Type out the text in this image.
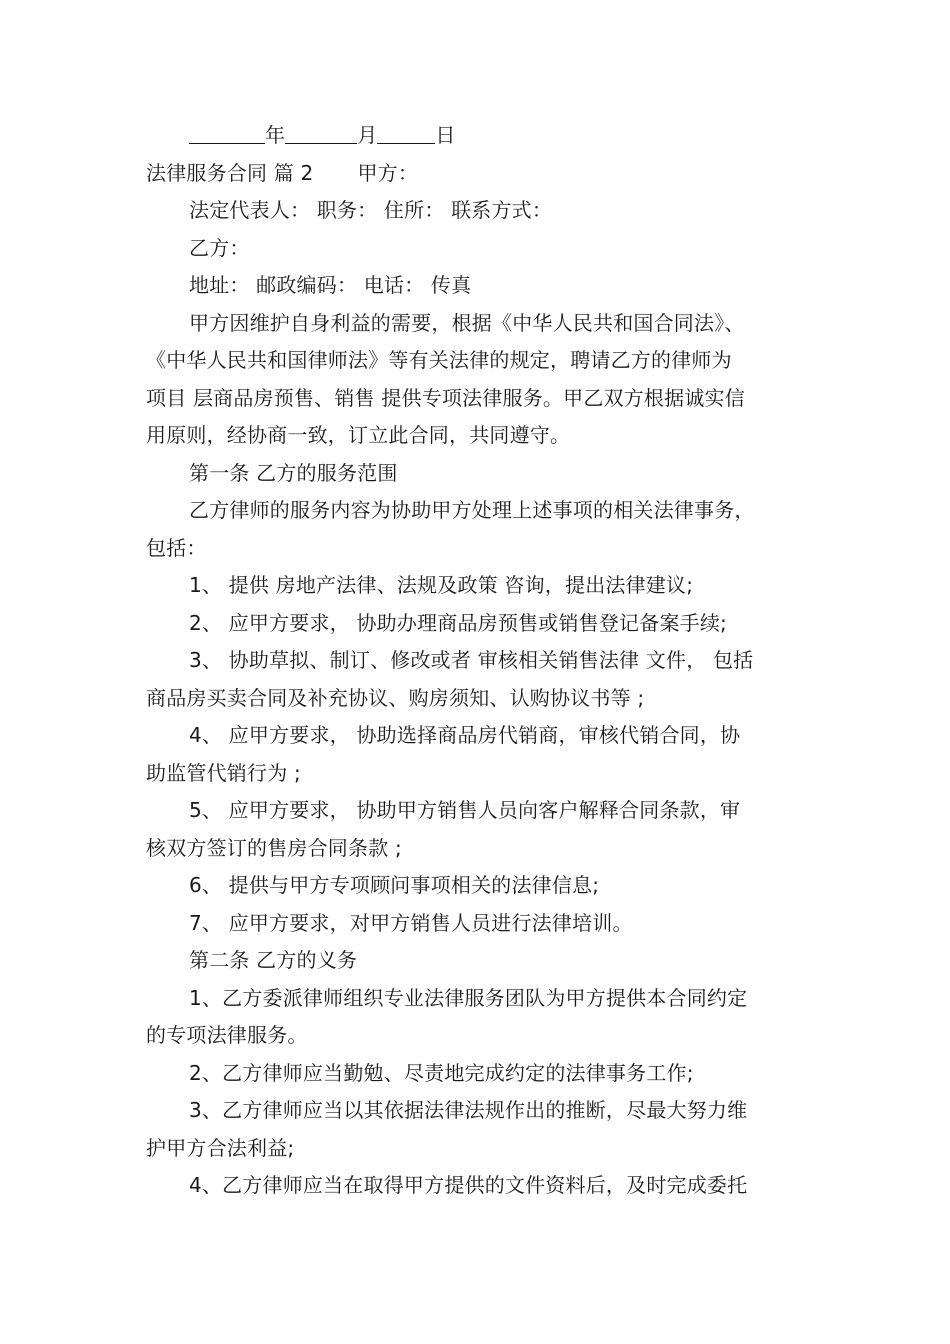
年	月	日

法律服务合同 篇 2 甲方：

法定代表人： 职务： 住所： 联系方式：

乙方：

地址： 邮政编码： 电话： 传真

甲方因维护自身利益的需要，根据《中华人民共和国合同法》、

《中华人民共和国律师法》等有关法律的规定，聘请乙方的律师为

项目 层商品房预售、销售 提供专项法律服务。甲乙双方根据诚实信

用原则，经协商一致，订立此合同，共同遵守。

第一条 乙方的服务范围

乙方律师的服务内容为协助甲方处理上述事项的相关法律事务，

包括：

1、 提供 房地产法律、法规及政策 咨询，提出法律建议;

2、 应甲方要求， 协助办理商品房预售或销售登记备案手续;

3、 协助草拟、制订、修改或者 审核相关销售法律 文件， 包括

商品房买卖合同及补充协议、购房须知、认购协议书等 ;

4、 应甲方要求， 协助选择商品房代销商，审核代销合同，协

助监管代销行为 ;

5、 应甲方要求， 协助甲方销售人员向客户解释合同条款，审

核双方签订的售房合同条款 ;

6、 提供与甲方专项顾问事项相关的法律信息;

7、 应甲方要求，对甲方销售人员进行法律培训。

第二条 乙方的义务

1、乙方委派律师组织专业法律服务团队为甲方提供本合同约定

的专项法律服务。

2、乙方律师应当勤勉、尽责地完成约定的法律事务工作;

3、乙方律师应当以其依据法律法规作出的推断，尽最大努力维

护甲方合法利益;

4、乙方律师应当在取得甲方提供的文件资料后，及时完成委托
